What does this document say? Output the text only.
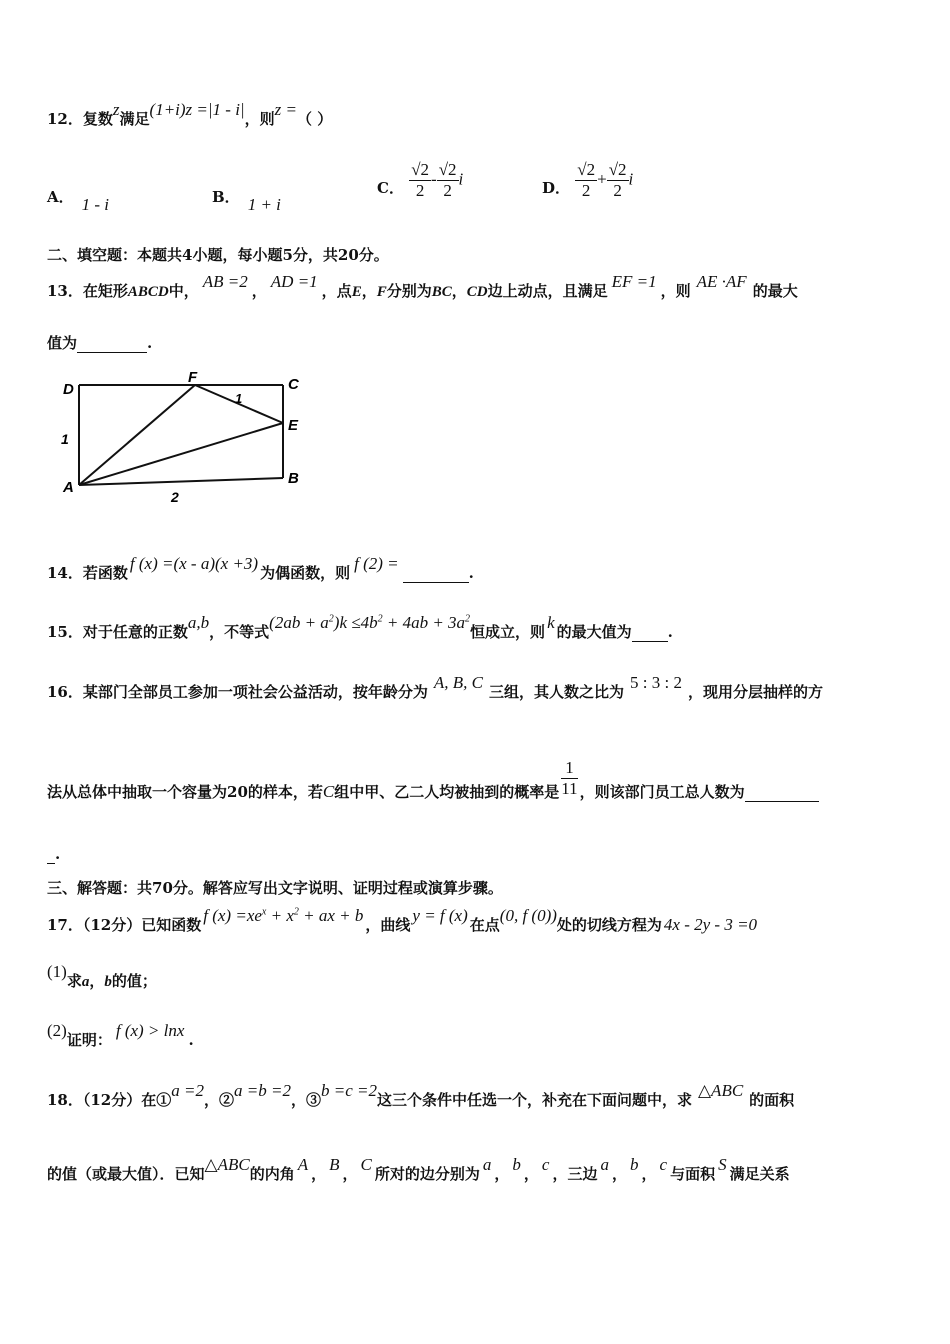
12．复数z满足(1+i)z =|1 - i|，则z =（ ）
A． 1 - i	B． 1 + i
C． $\frac{√2}{2} - \frac{√2}{2}$ i	D． $\frac{√2}{2} + \frac{√2}{2}$ i
二、填空题：本题共4小题，每小题5分，共20分。
13．在矩形ABCD中， AB =2 ， AD =1 ，点E，F分别为BC，CD边上动点，且满足 EF =1 ，则 AE ·AF 的最大
值为	.
D
F	C
E
B
A
1
2
1
14．若函数 f (x) =(x - a)(x +3) 为偶函数，则 f (2) =	.
15．对于任意的正数a,b，不等式$(2ab + a^2)k \le 4b^2 + 4ab + 3a^2$恒成立，则 k 的最大值为 .
16．某部门全部员工参加一项社会公益活动，按年龄分为 A, B, C 三组，其人数之比为 5 : 3 : 2 ，现用分层抽样的方
法从总体中抽取一个容量为20的样本，若C组中甲、乙二人均被抽到的概率是 $\frac{1}{11}$ ，则该部门员工总人数为
.
三、解答题：共70分。解答应写出文字说明、证明过程或演算步骤。
17．（12分）已知函数 f $(x) =xe^x + x^2$ + ax + b ，曲线 y = f (x) 在点(0, f (0))处的切线方程为 4x - 2y - 3 =0
(1)求a，b的值；
(2)证明： f (x) > lnx .
18．（12分）在①a =2，②a =b =2，③b =c =2这三个条件中任选一个，补充在下面问题中，求 △ABC 的面积
的值（或最大值）．已知△ABC的内角 A ， B ， C 所对的边分别为 a ， b ， c ，三边 a ， b ， c 与面积 S 满足关系
